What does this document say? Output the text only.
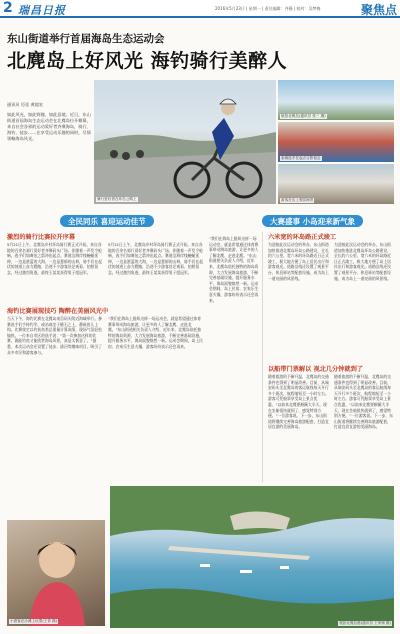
2 瑞昌日报	2016年5月23日 | 星期一 | 责任编辑：齐静 | 校对：吴梦梅	聚焦点
东山街道举行首届海岛生态运动会
北麂岛上好风光 海钓骑行美醉人
通讯员 厉佳 黄超宏
如此风光，如此野趣，如此意境。近日，东山街道首届海岛生态运动会在北麂岛拉开帷幕，来自社会各界的运动爱好者齐聚海岛，骑行、海钓、徒步……在享受运动乐趣的同时，尽情领略海岛风光。
骑行爱好者在环岛公路上
航拍北麂岛(通讯员 张三 摄)
参赛选手在起点合影留念
游客在岛上观赏海景
全民同乐 喜迎运动佳节	大赛盛事 小岛迎来新气象
激烈的骑行比赛拉开序幕
5月21日上午，北麂岛乡村环岛骑行赛正式开始。来自各地的百余名骑行爱好者齐聚码头广场，伴随着一声发令枪响，选手们如离弦之箭冲出起点。赛道沿海岸线蜿蜒延伸，一边是湛蓝的大海，一边是葱郁的山林，骑手们在起伏的坡道上奋力蹬踏，沿途不少游客驻足观看、拍照留念。经过激烈角逐，最终王某某获得男子组冠军。
5月21日上午，北麂岛乡村环岛骑行赛正式开始。来自各地的百余名骑行爱好者齐聚码头广场，伴随着一声发令枪响，选手们如离弦之箭冲出起点。赛道沿海岸线蜿蜒延伸，一边是湛蓝的大海，一边是葱郁的山林，骑手们在起伏的坡道上奋力蹬踏，沿途不少游客驻足观看、拍照留念。经过激烈角逐，最终王某某获得男子组冠军。
海钓比赛展现技巧 陶醉在美丽风光中
当天下午，海钓比赛在北麂岛南岙码头附近海域举行。参赛选手们手持钓竿，或站或坐于礁石之上，静候鱼儿上钩。比赛规定以钓获鱼类总重量计算成绩，现场气氛轻松愉快。一位来自市区的选手说：“第一次参加这样的比赛，既能钓鱼又能欣赏海岛风景，真是太惬意了。”据悉，本次运动会还设置了徒步、拔河等趣味项目，吸引了众多市民和游客参与。
“我们在海岛上组织这样一场运动会，就是希望通过体育赛事带动海岛旅游，让更多的人了解北麂、走进北麂。”东山街道相关负责人介绍，近年来，北麂岛依托独特的海岛资源，大力发展海岛旅游，不断完善基础设施，提升服务水平，海岛面貌焕然一新。运动会期间，岛上民宿、农家乐生意火爆，游客纷纷表示还会再来。
“我们在海岛上组织这样一场运动会，就是希望通过体育赛事带动海岛旅游，让更多的人了解北麂、走进北麂。”东山街道相关负责人介绍，近年来，北麂岛依托独特的海岛资源，大力发展海岛旅游，不断完善基础设施，提升服务水平，海岛面貌焕然一新。运动会期间，岛上民宿、农家乐生意火爆，游客纷纷表示还会再来。
六米宽的环岛路正式竣工
为迎接此次运动会的举办，东山街道加快推进北麂岛环岛公路建设，全长约六公里、宽六米的环岛路近日正式竣工，极大地方便了岛上居民出行和游客观光。道路沿线还设置了观景平台、休息驿站等配套设施，成为岛上一道亮丽的风景线。
为迎接此次运动会的举办，东山街道加快推进北麂岛环岛公路建设，全长约六公里、宽六米的环岛路近日正式竣工，极大地方便了岛上居民出行和游客观光。道路沿线还设置了观景平台、休息驿站等配套设施，成为岛上一道亮丽的风景线。
以船带门票解以 视北几分钟就到了
随着旅游的不断升温，北麂岛的交通条件也得到了明显改善。目前，从瑞安码头至北麂岛的客运航线每天开行多个班次，航程缩短至一小时左右。游客可凭船票享受岛上景点优惠，“以前来北麂要颠簸大半天，现在坐船很快就到了，感觉特别方便。”一位游客说。下一步，东山街道将继续完善海岛旅游配套，打造宜居宜游的美丽海岛。
随着旅游的不断升温，北麂岛的交通条件也得到了明显改善。目前，从瑞安码头至北麂岛的客运航线每天开行多个班次，航程缩短至一小时左右。游客可凭船票享受岛上景点优惠，“以前来北麂要颠簸大半天，现在坐船很快就到了，感觉特别方便。”一位游客说。下一步，东山街道将继续完善海岛旅游配套，打造宜居宜游的美丽海岛。
小游客在沙滩上玩耍(王菲 摄)	航拍北麂岛港(通讯员 王家驹 摄)
